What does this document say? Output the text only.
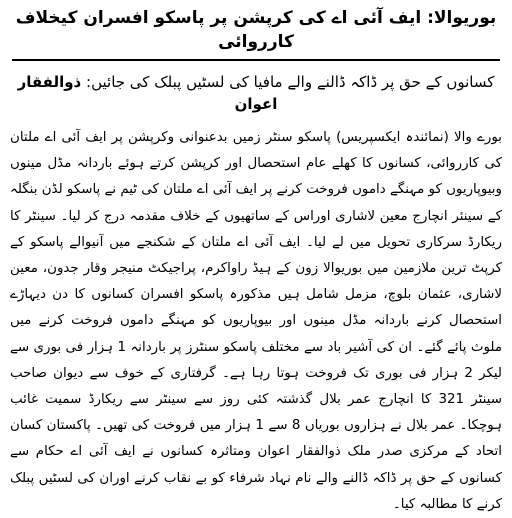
بوریوالا: ایف آئی اے کی کرپشن پر پاسکو افسران کیخلاف کارروائی

کسانوں کے حق پر ڈاکہ ڈالنے والے مافیا کی لسٹیں پبلک کی جائیں: ذوالفقار اعوان

بورے والا (نمائندہ ایکسپریس) پاسکو سنٹر زمیں بدعنوانی وکرپشن پر ایف آئی اے ملتان کی کارروائی، کسانوں کا کھلے عام استحصال اور کرپشن کرتے ہوئے باردانہ مڈل مینوں وبیوپاریوں کو مہنگے داموں فروخت کرنے پر ایف آئی اے ملتان کی ٹیم نے پاسکو لڈن بنگلہ کے سینئر انچارج معین لاشاری اوراس کے ساتھیوں کے خلاف مقدمہ درج کر لیا۔ سینٹر کا ریکارڈ سرکاری تحویل میں لے لیا۔ ایف آئی اے ملتان کے شکنجے میں آنیوالے پاسکو کے کرپٹ ترین ملازمین میں بوریوالا زون کے ہیڈ راواکرم، پراجیکٹ منیجر وقار جدون، معین لاشاری، عثمان بلوچ، مزمل شامل ہیں مذکورہ پاسکو افسران کسانوں کا دن دیہاڑے استحصال کرنے باردانہ مڈل مینوں اور بیوپاریوں کو مہنگے داموں فروخت کرنے میں ملوث پائے گئے۔ ان کی آشیر باد سے مختلف پاسکو سنٹرز پر باردانہ 1 ہزار فی بوری سے لیکر 2 ہزار فی بوری تک فروخت ہوتا رہا ہے۔ گرفتاری کے خوف سے دیوان صاحب سینٹر 321 کا انچارج عمر بلال گذشتہ کئی روز سے سینٹر سے ریکارڈ سمیت غائب ہوچکا۔ عمر بلال نے ہزاروں بوریاں 8 سے 1 ہزار میں فروخت کی تھیں۔ پاکستان کسان اتحاد کے مرکزی صدر ملک ذوالفقار اعوان ومتاثرہ کسانوں نے ایف آئی اے حکام سے کسانوں کے حق پر ڈاکہ ڈالنے والے نام نہاد شرفاء کو بے نقاب کرنے اوران کی لسٹیں پبلک کرنے کا مطالبہ کیا۔
